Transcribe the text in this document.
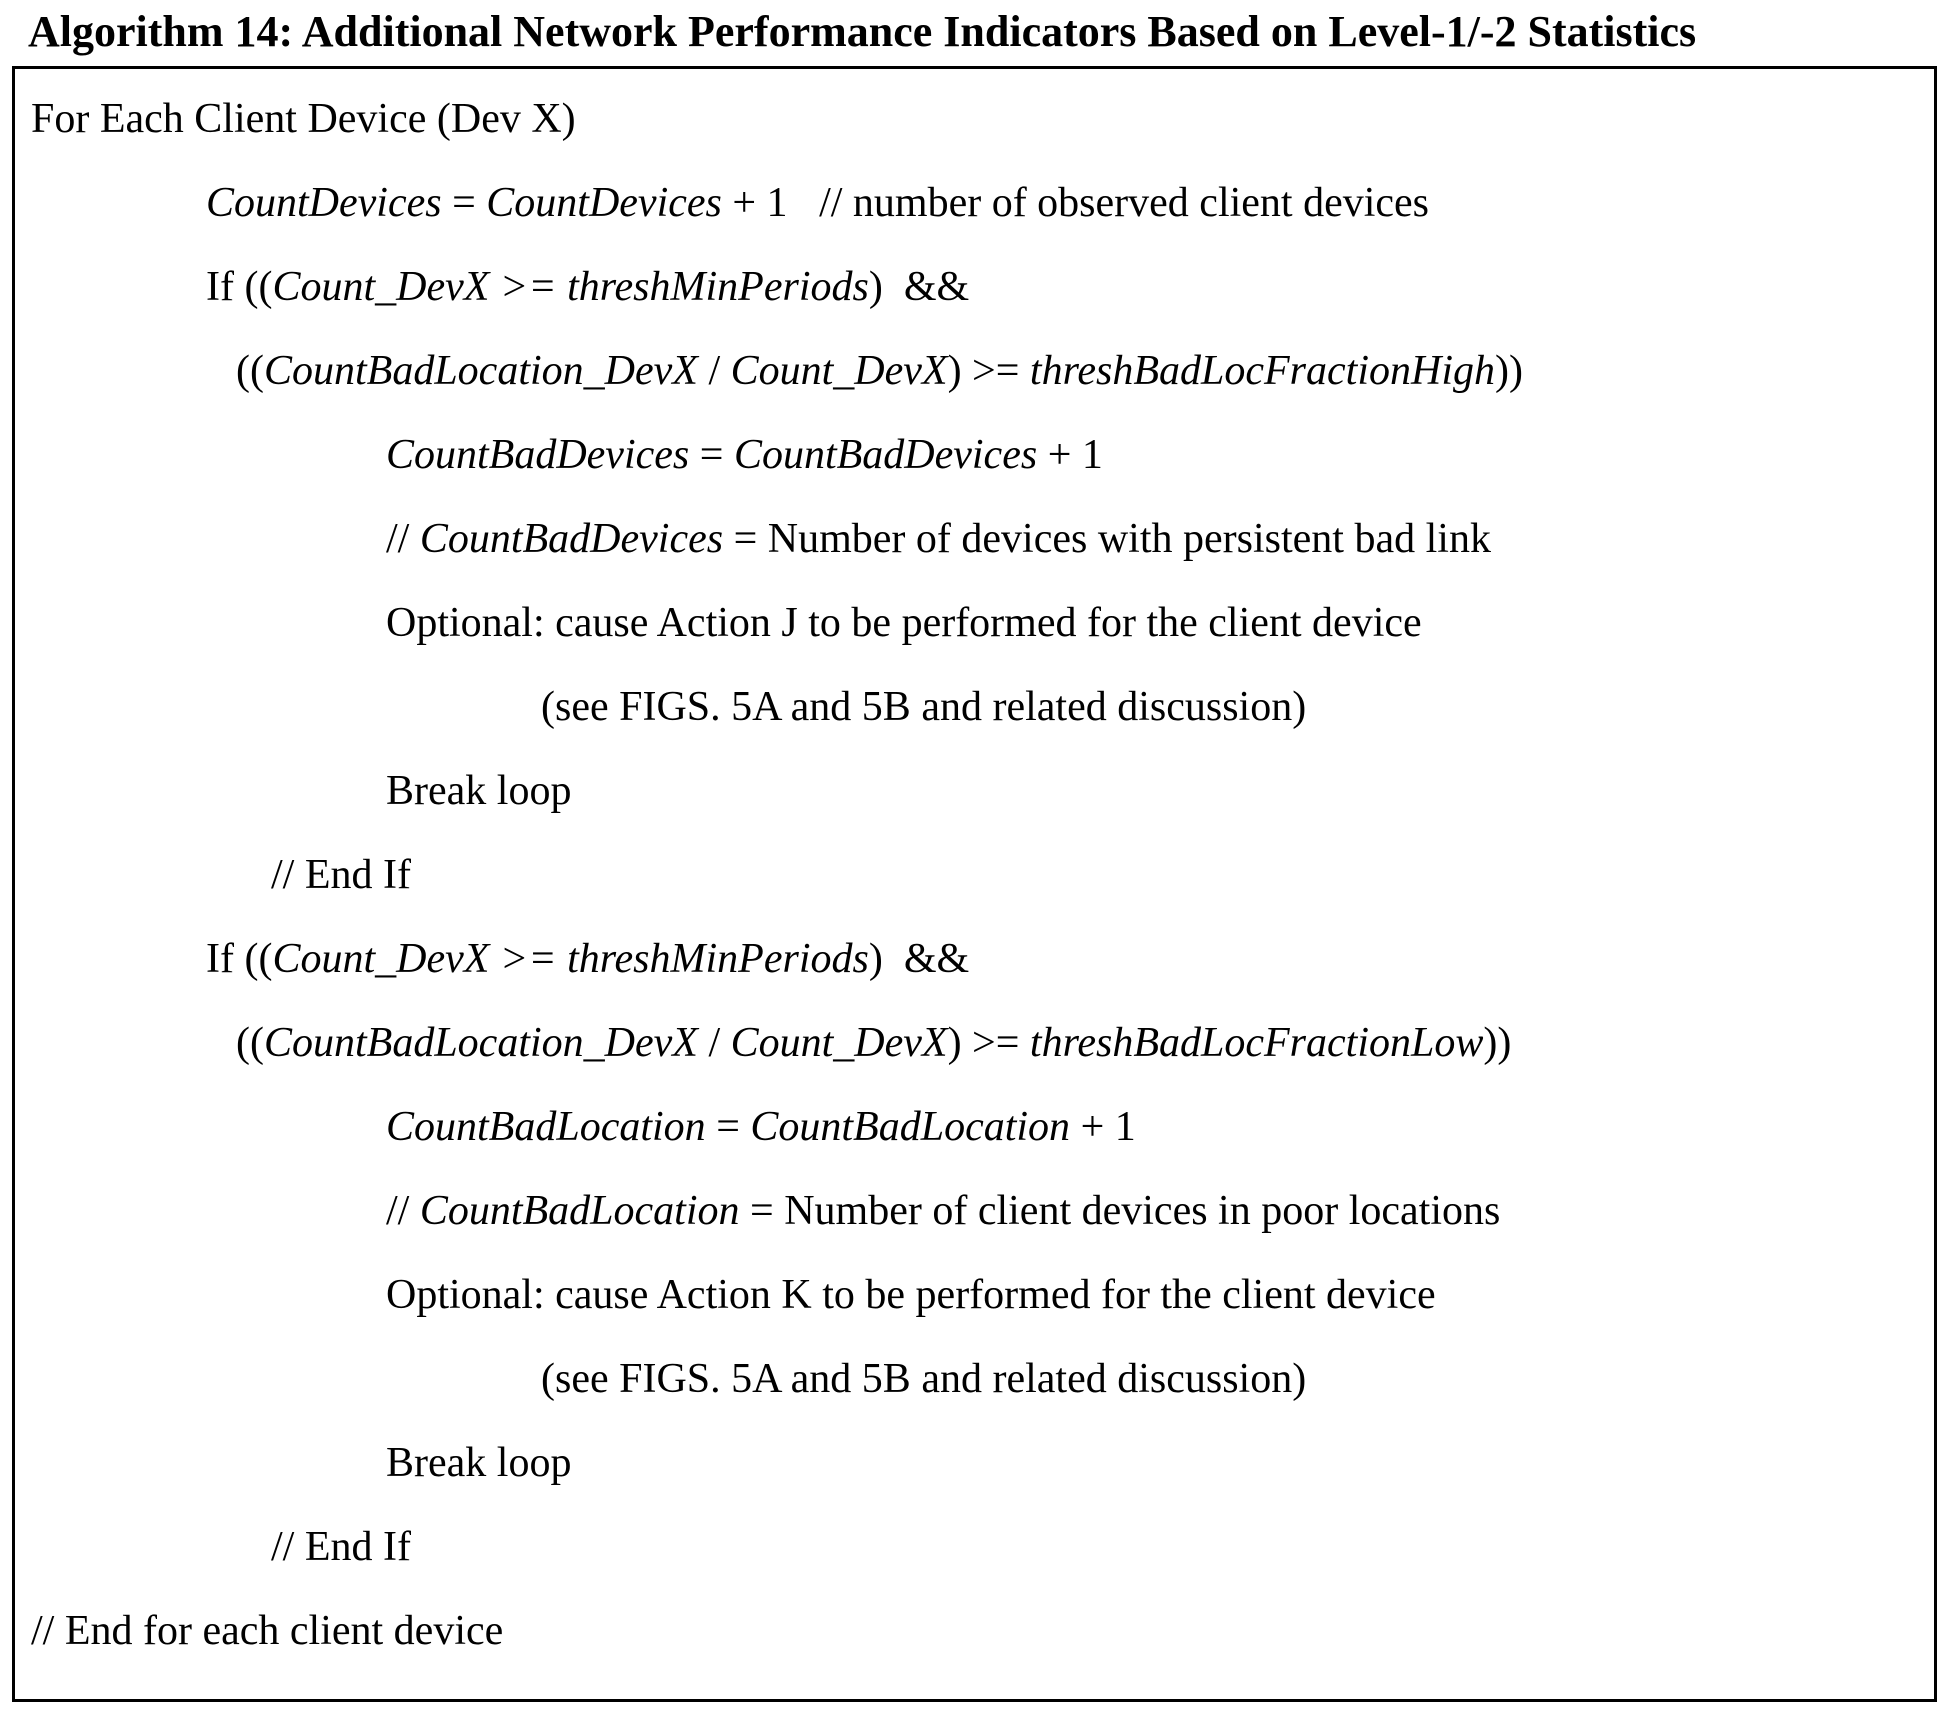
Algorithm 14: Additional Network Performance Indicators Based on Level-1/-2 Statistics
For Each Client Device (Dev X)
CountDevices = CountDevices + 1   // number of observed client devices
If ((Count_DevX >= threshMinPeriods)  &&
((CountBadLocation_DevX / Count_DevX) >= threshBadLocFractionHigh))
CountBadDevices = CountBadDevices + 1
// CountBadDevices = Number of devices with persistent bad link
Optional: cause Action J to be performed for the client device
(see FIGS. 5A and 5B and related discussion)
Break loop
// End If
If ((Count_DevX >= threshMinPeriods)  &&
((CountBadLocation_DevX / Count_DevX) >= threshBadLocFractionLow))
CountBadLocation = CountBadLocation + 1
// CountBadLocation = Number of client devices in poor locations
Optional: cause Action K to be performed for the client device
(see FIGS. 5A and 5B and related discussion)
Break loop
// End If
// End for each client device
